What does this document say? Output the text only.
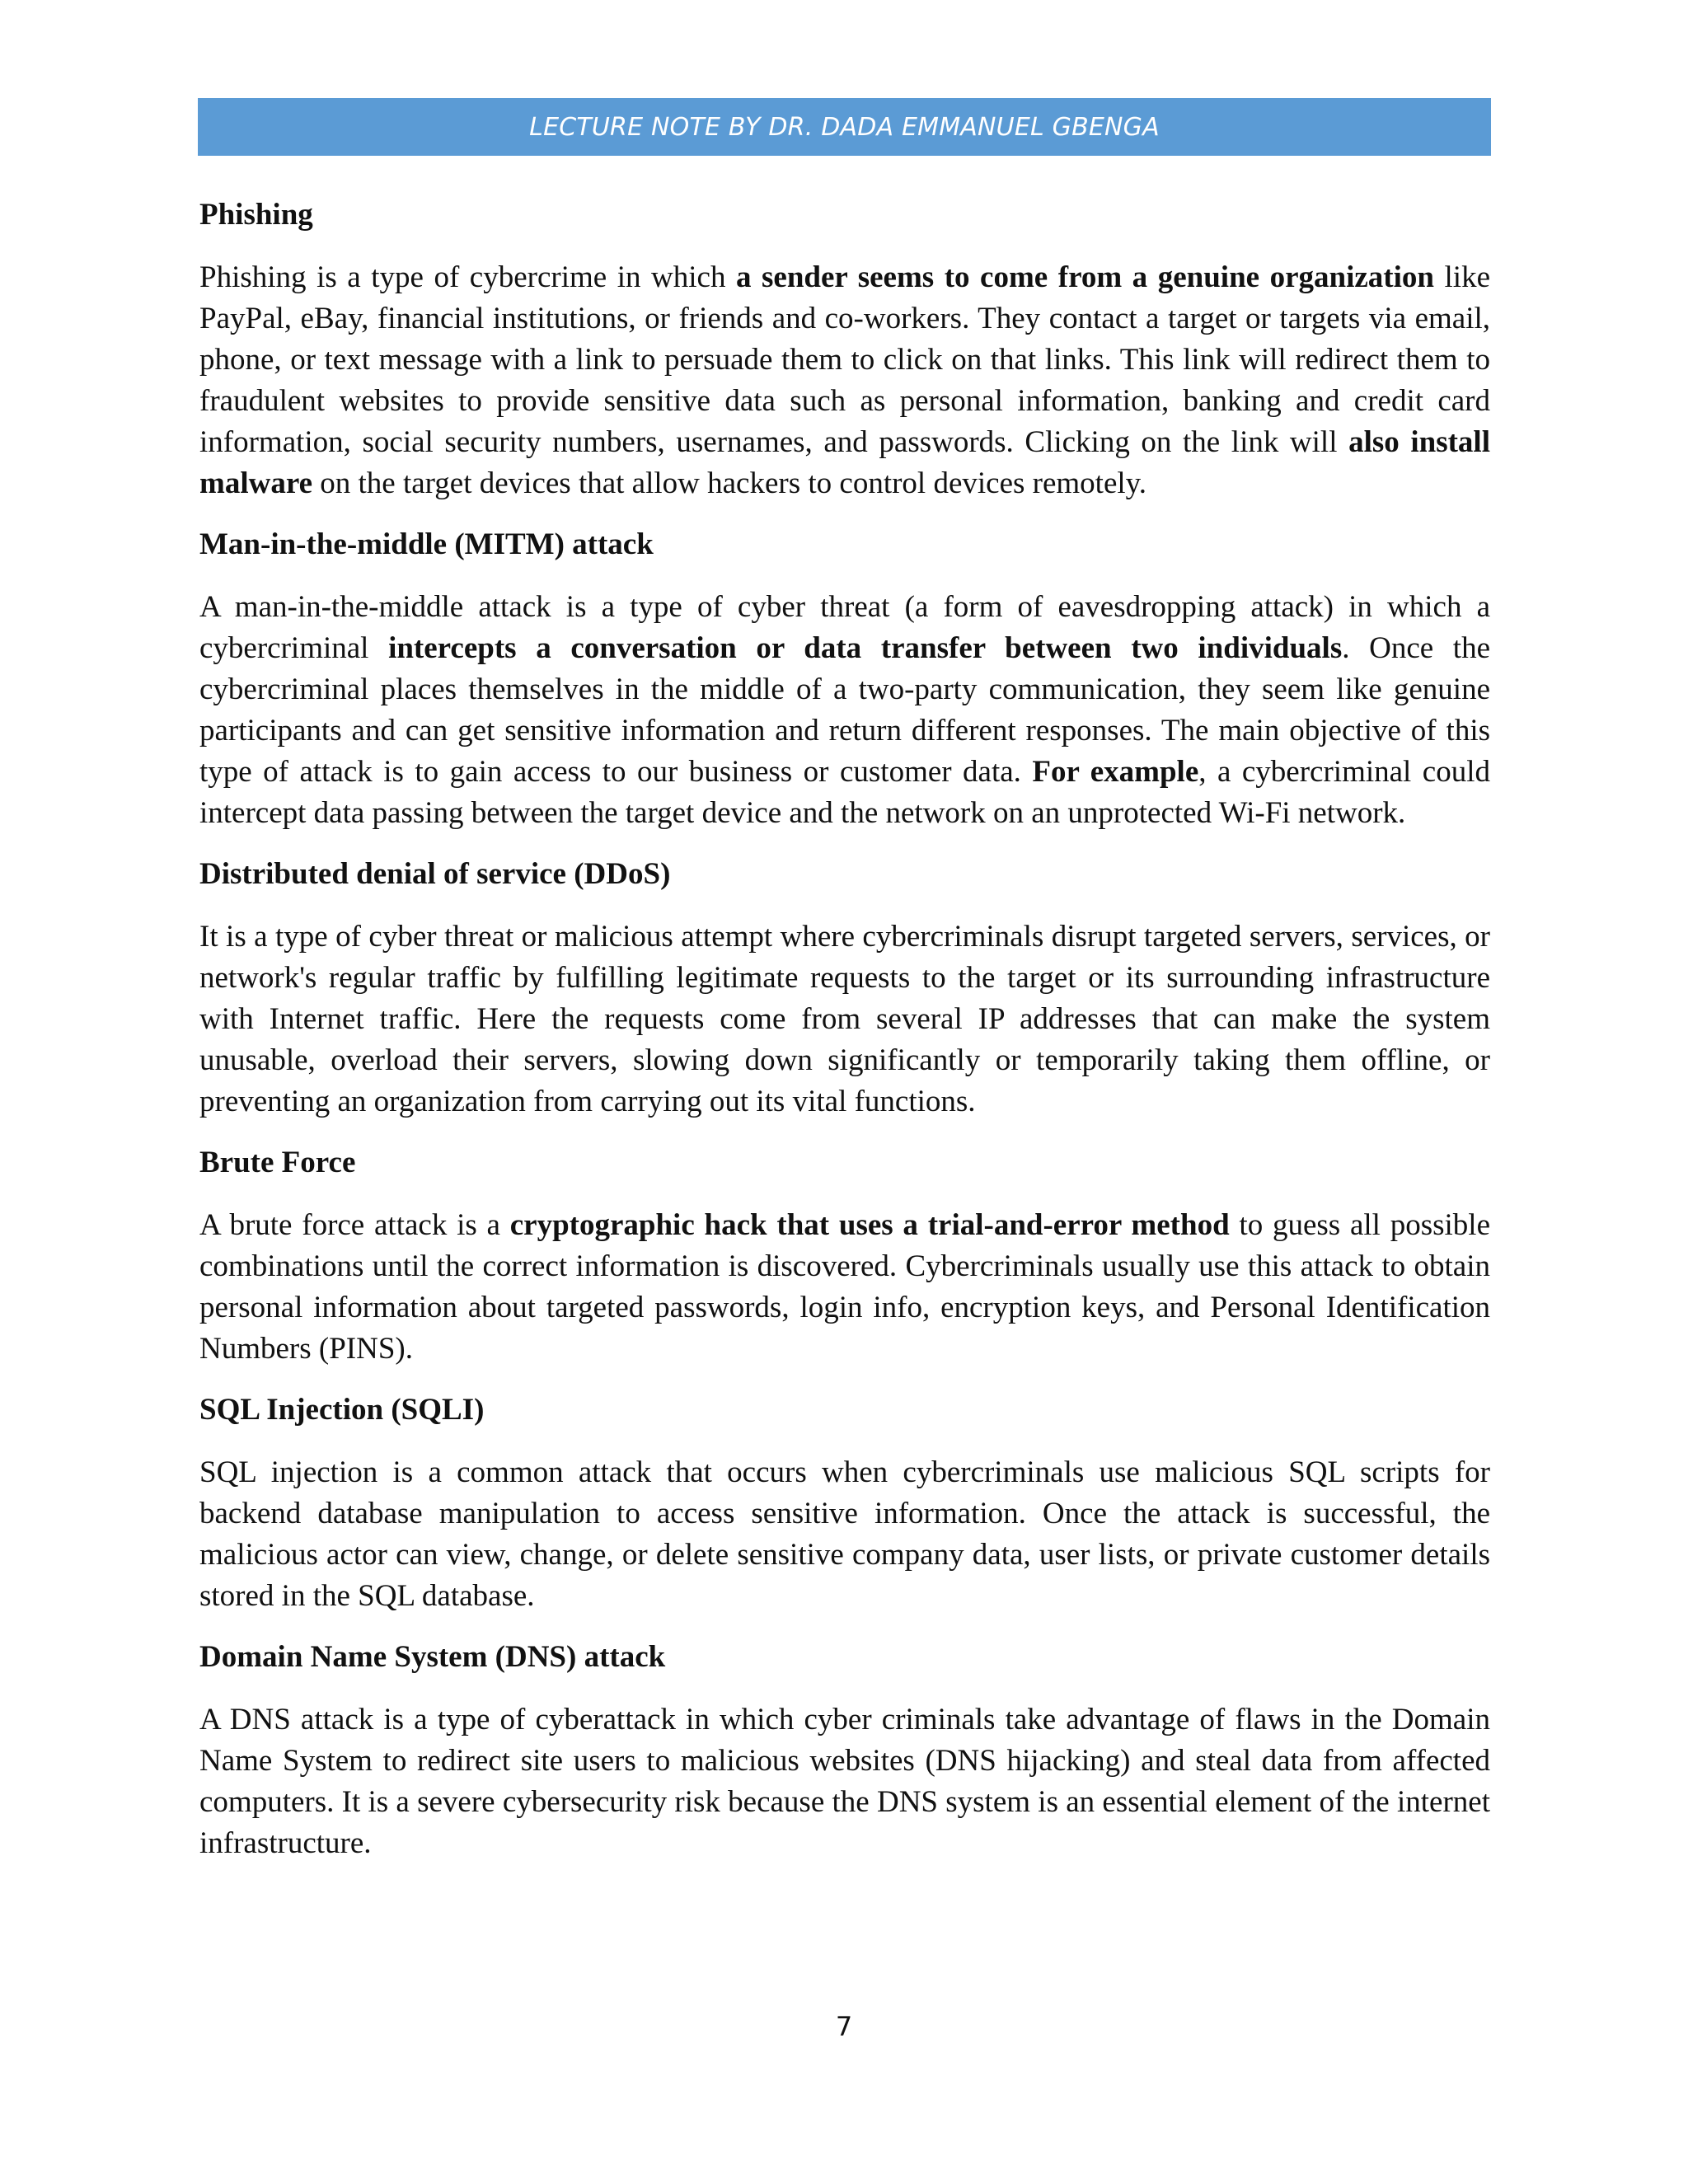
LECTURE NOTE BY DR. DADA EMMANUEL GBENGA
Phishing

Phishing is a type of cybercrime in which a sender seems to come from a genuine organization like PayPal, eBay, financial institutions, or friends and co-workers. They contact a target or targets via email, phone, or text message with a link to persuade them to click on that links. This link will redirect them to fraudulent websites to provide sensitive data such as personal information, banking and credit card information, social security numbers, usernames, and passwords. Clicking on the link will also install malware on the target devices that allow hackers to control devices remotely.

Man-in-the-middle (MITM) attack

A man-in-the-middle attack is a type of cyber threat (a form of eavesdropping attack) in which a cybercriminal intercepts a conversation or data transfer between two individuals. Once the cybercriminal places themselves in the middle of a two-party communication, they seem like genuine participants and can get sensitive information and return different responses. The main objective of this type of attack is to gain access to our business or customer data. For example, a cybercriminal could intercept data passing between the target device and the network on an unprotected Wi-Fi network.

Distributed denial of service (DDoS)

It is a type of cyber threat or malicious attempt where cybercriminals disrupt targeted servers, services, or network's regular traffic by fulfilling legitimate requests to the target or its surrounding infrastructure with Internet traffic. Here the requests come from several IP addresses that can make the system unusable, overload their servers, slowing down significantly or temporarily taking them offline, or preventing an organization from carrying out its vital functions.

Brute Force

A brute force attack is a cryptographic hack that uses a trial-and-error method to guess all possible combinations until the correct information is discovered. Cybercriminals usually use this attack to obtain personal information about targeted passwords, login info, encryption keys, and Personal Identification Numbers (PINS).

SQL Injection (SQLI)

SQL injection is a common attack that occurs when cybercriminals use malicious SQL scripts for backend database manipulation to access sensitive information. Once the attack is successful, the malicious actor can view, change, or delete sensitive company data, user lists, or private customer details stored in the SQL database.

Domain Name System (DNS) attack

A DNS attack is a type of cyberattack in which cyber criminals take advantage of flaws in the Domain Name System to redirect site users to malicious websites (DNS hijacking) and steal data from affected computers. It is a severe cybersecurity risk because the DNS system is an essential element of the internet infrastructure.

7
